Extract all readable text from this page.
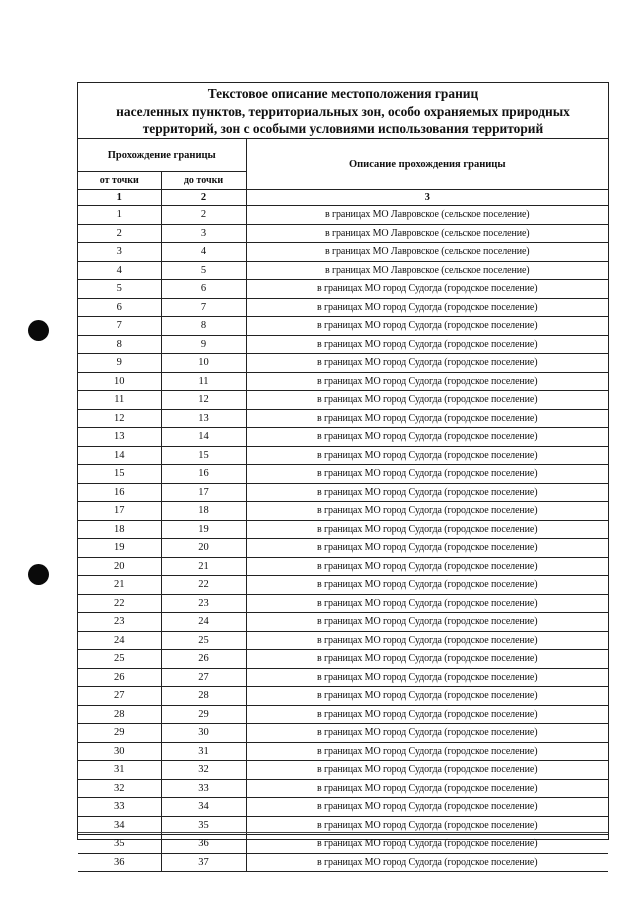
Текстовое описание местоположения границ
населенных пунктов, территориальных зон, особо охраняемых природных
территорий, зон с особыми условиями использования территорий
Прохождение границы		Описание прохождения границы
от точки	до точки	
1	2	3
1	2	в границах МО Лавровское (сельское поселение)
2	3	в границах МО Лавровское (сельское поселение)
3	4	в границах МО Лавровское (сельское поселение)
4	5	в границах МО Лавровское (сельское поселение)
5	6	в границах МО город Судогда (городское поселение)
6	7	в границах МО город Судогда (городское поселение)
7	8	в границах МО город Судогда (городское поселение)
8	9	в границах МО город Судогда (городское поселение)
9	10	в границах МО город Судогда (городское поселение)
10	11	в границах МО город Судогда (городское поселение)
11	12	в границах МО город Судогда (городское поселение)
12	13	в границах МО город Судогда (городское поселение)
13	14	в границах МО город Судогда (городское поселение)
14	15	в границах МО город Судогда (городское поселение)
15	16	в границах МО город Судогда (городское поселение)
16	17	в границах МО город Судогда (городское поселение)
17	18	в границах МО город Судогда (городское поселение)
18	19	в границах МО город Судогда (городское поселение)
19	20	в границах МО город Судогда (городское поселение)
20	21	в границах МО город Судогда (городское поселение)
21	22	в границах МО город Судогда (городское поселение)
22	23	в границах МО город Судогда (городское поселение)
23	24	в границах МО город Судогда (городское поселение)
24	25	в границах МО город Судогда (городское поселение)
25	26	в границах МО город Судогда (городское поселение)
26	27	в границах МО город Судогда (городское поселение)
27	28	в границах МО город Судогда (городское поселение)
28	29	в границах МО город Судогда (городское поселение)
29	30	в границах МО город Судогда (городское поселение)
30	31	в границах МО город Судогда (городское поселение)
31	32	в границах МО город Судогда (городское поселение)
32	33	в границах МО город Судогда (городское поселение)
33	34	в границах МО город Судогда (городское поселение)
34	35	в границах МО город Судогда (городское поселение)
35	36	в границах МО город Судогда (городское поселение)
36	37	в границах МО город Судогда (городское поселение)
